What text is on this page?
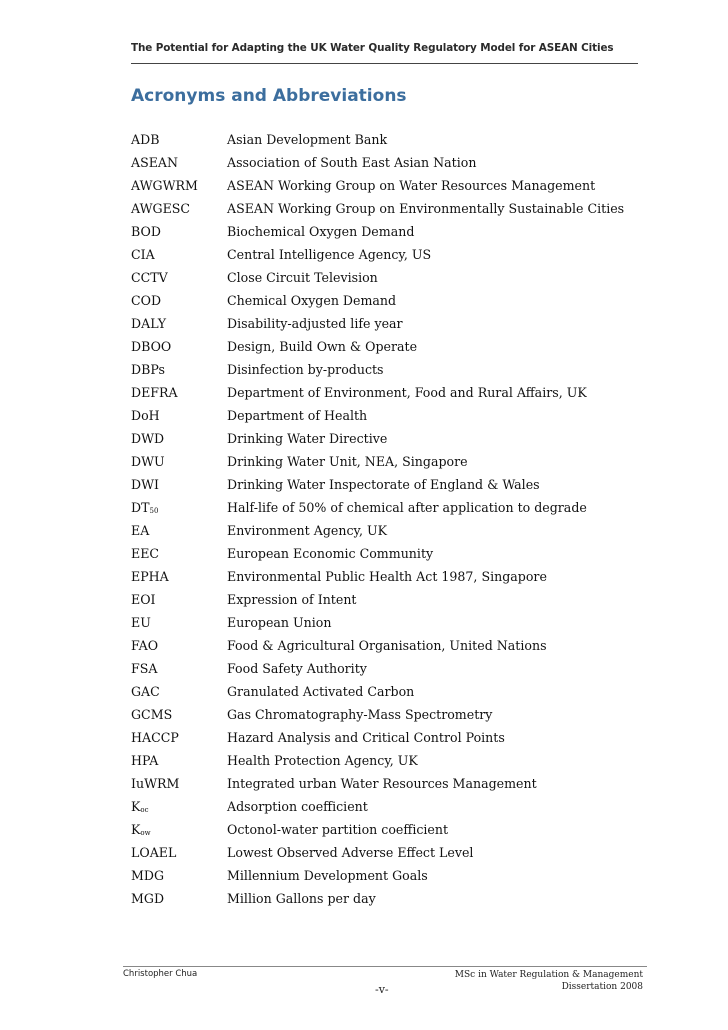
The Potential for Adapting the UK Water Quality Regulatory Model for ASEAN Cities
Acronyms and Abbreviations
ADB	Asian Development Bank
ASEAN	Association of South East Asian Nation
AWGWRM	ASEAN Working Group on Water Resources Management
AWGESC	ASEAN Working Group on Environmentally Sustainable Cities
BOD	Biochemical Oxygen Demand
CIA	Central Intelligence Agency, US
CCTV	Close Circuit Television
COD	Chemical Oxygen Demand
DALY	Disability-adjusted life year
DBOO	Design, Build Own & Operate
DBPs	Disinfection by-products
DEFRA	Department of Environment, Food and Rural Affairs, UK
DoH	Department of Health
DWD	Drinking Water Directive
DWU	Drinking Water Unit, NEA, Singapore
DWI	Drinking Water Inspectorate of England & Wales
DT50	Half-life of 50% of chemical after application to degrade
EA	Environment Agency, UK
EEC	European Economic Community
EPHA	Environmental Public Health Act 1987, Singapore
EOI	Expression of Intent
EU	European Union
FAO	Food & Agricultural Organisation, United Nations
FSA	Food Safety Authority
GAC	Granulated Activated Carbon
GCMS	Gas Chromatography-Mass Spectrometry
HACCP	Hazard Analysis and Critical Control Points
HPA	Health Protection Agency, UK
IuWRM	Integrated urban Water Resources Management
Koc	Adsorption coefficient
Kow	Octonol-water partition coefficient
LOAEL	Lowest Observed Adverse Effect Level
MDG	Millennium Development Goals
MGD	Million Gallons per day
Christopher Chua
-v-
MSc in Water Regulation & Management
Dissertation 2008
